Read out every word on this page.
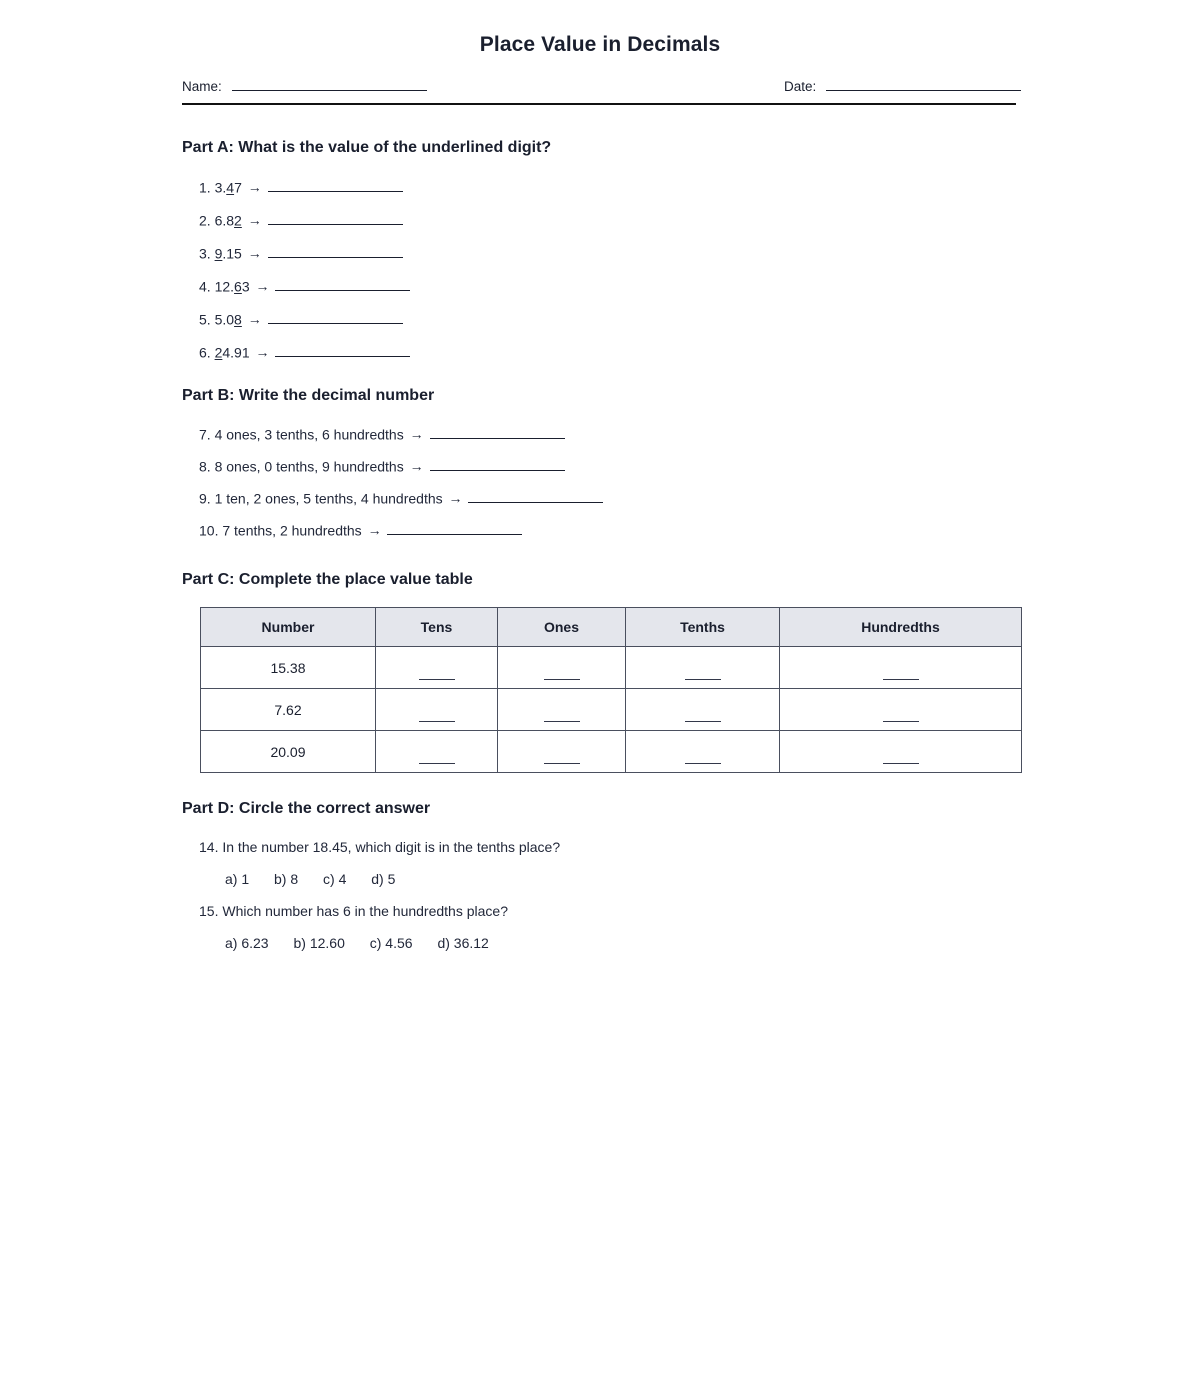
Place Value in Decimals
Name:	Date:
Part A: What is the value of the underlined digit?
1. 3.47 →
2. 6.82 →
3. 9.15 →
4. 12.63 →
5. 5.08 →
6. 24.91 →
Part B: Write the decimal number
7. 4 ones, 3 tenths, 6 hundredths →
8. 8 ones, 0 tenths, 9 hundredths →
9. 1 ten, 2 ones, 5 tenths, 4 hundredths →
10. 7 tenths, 2 hundredths →
Part C: Complete the place value table
Number	Tens	Ones	Tenths	Hundredths
15.38				
7.62				
20.09				
Part D: Circle the correct answer
14. In the number 18.45, which digit is in the tenths place?
a) 1 b) 8 c) 4 d) 5
15. Which number has 6 in the hundredths place?
a) 6.23 b) 12.60 c) 4.56 d) 36.12
